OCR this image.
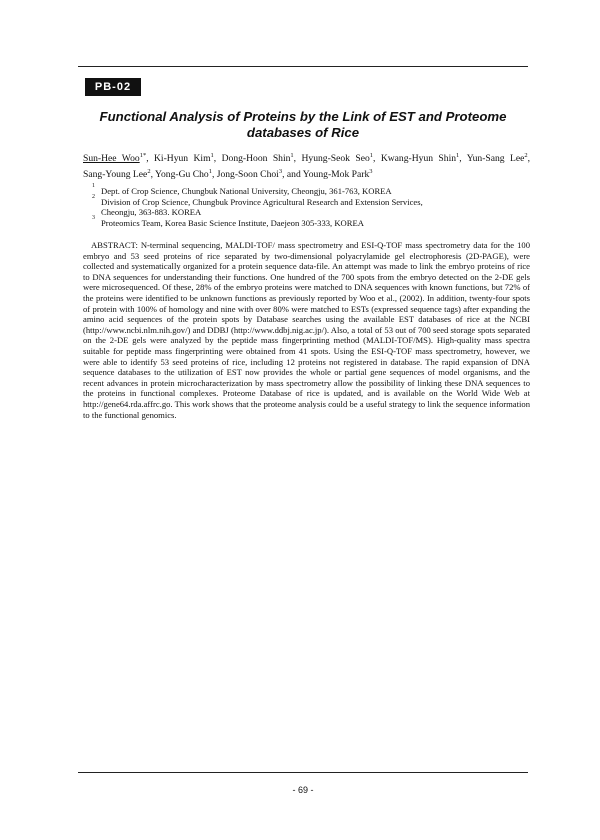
PB-02
Functional Analysis of Proteins by the Link of EST and Proteome databases of Rice
Sun-Hee Woo$^{1*}$, Ki-Hyun Kim$^1$, Dong-Hoon Shin$^1$, Hyung-Seok Seo$^1$, Kwang-Hyun Shin$^1$, Yun-Sang Lee$^2$, Sang-Young Lee$^2$, Yong-Gu Cho$^1$, Jong-Soon Choi$^3$, and Young-Mok Park$^3$
1 Dept. of Crop Science, Chungbuk National University, Cheongju, 361-763, KOREA
2 Division of Crop Science, Chungbuk Province Agricultural Research and Extension Services,
Cheongju, 363-883. KOREA
3 Proteomics Team, Korea Basic Science Institute, Daejeon 305-333, KOREA

ABSTRACT: N-terminal sequencing, MALDI-TOF/ mass spectrometry and ESI-Q-TOF mass spectrometry data for the 100 embryo and 53 seed proteins of rice separated by two-dimensional polyacrylamide gel electrophoresis (2D-PAGE), were collected and systematically organized for a protein sequence data-file. An attempt was made to link the embryo proteins of rice to DNA sequences for understanding their functions. One hundred of the 700 spots from the embryo detected on the 2-DE gels were microsequenced. Of these, 28% of the embryo proteins were matched to DNA sequences with known functions, but 72% of the proteins were identified to be unknown functions as previously reported by Woo et al., (2002). In addition, twenty-four spots of protein with 100% of homology and nine with over 80% were matched to ESTs (expressed sequence tags) after expanding the amino acid sequences of the protein spots by Database searches using the available EST databases of rice at the NCBI (http://www.ncbi.nlm.nih.gov/) and DDBJ (http://www.ddbj.nig.ac.jp/). Also, a total of 53 out of 700 seed storage spots separated on the 2-DE gels were analyzed by the peptide mass fingerprinting method (MALDI-TOF/MS). High-quality mass spectra suitable for peptide mass fingerprinting were obtained from 41 spots. Using the ESI-Q-TOF mass spectrometry, however, we were able to identify 53 seed proteins of rice, including 12 proteins not registered in database. The rapid expansion of DNA sequence databases to the utilization of EST now provides the whole or partial gene sequences of model organisms, and the recent advances in protein microcharacterization by mass spectrometry allow the possibility of linking these DNA sequences to the proteins in functional complexes. Proteome Database of rice is updated, and is available on the World Wide Web at http://gene64.rda.affrc.go. This work shows that the proteome analysis could be a useful strategy to link the sequence information to the functional genomics.

- 69 -
